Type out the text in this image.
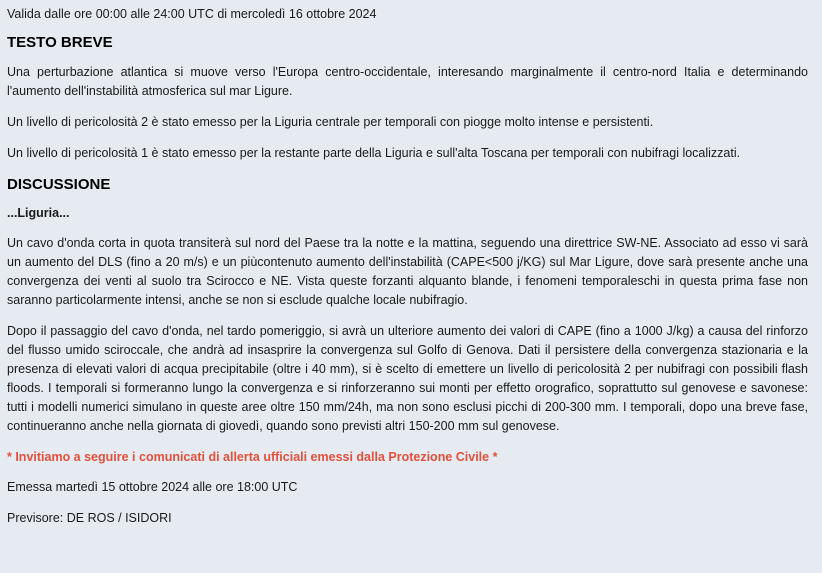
Valida dalle ore 00:00 alle 24:00 UTC di mercoledì 16 ottobre 2024

TESTO BREVE

Una perturbazione atlantica si muove verso l'Europa centro-occidentale, interesando marginalmente il centro-nord Italia e determinando l'aumento dell'instabilità atmosferica sul mar Ligure.

Un livello di pericolosità 2 è stato emesso per la Liguria centrale per temporali con piogge molto intense e persistenti.

Un livello di pericolosità 1 è stato emesso per la restante parte della Liguria e sull'alta Toscana per temporali con nubifragi localizzati.

DISCUSSIONE

...Liguria...

Un cavo d'onda corta in quota transiterà sul nord del Paese tra la notte e la mattina, seguendo una direttrice SW-NE. Associato ad esso vi sarà un aumento del DLS (fino a 20 m/s) e un piùcontenuto aumento dell'instabilità (CAPE<500 j/KG) sul Mar Ligure, dove sarà presente anche una convergenza dei venti al suolo tra Scirocco e NE. Vista queste forzanti alquanto blande, i fenomeni temporaleschi in questa prima fase non saranno particolarmente intensi, anche se non si esclude qualche locale nubifragio.

Dopo il passaggio del cavo d'onda, nel tardo pomeriggio, si avrà un ulteriore aumento dei valori di CAPE (fino a 1000 J/kg) a causa del rinforzo del flusso umido sciroccale, che andrà ad insasprire la convergenza sul Golfo di Genova. Dati il persistere della convergenza stazionaria e la presenza di elevati valori di acqua precipitabile (oltre i 40 mm), si è scelto di emettere un livello di pericolosità 2 per nubifragi con possibili flash floods. I temporali si formeranno lungo la convergenza e si rinforzeranno sui monti per effetto orografico, soprattutto sul genovese e savonese: tutti i modelli numerici simulano in queste aree oltre 150 mm/24h, ma non sono esclusi picchi di 200-300 mm. I temporali, dopo una breve fase, continueranno anche nella giornata di giovedì, quando sono previsti altri 150-200 mm sul genovese.

* Invitiamo a seguire i comunicati di allerta ufficiali emessi dalla Protezione Civile *

Emessa martedì 15 ottobre 2024 alle ore 18:00 UTC

Previsore: DE ROS / ISIDORI
